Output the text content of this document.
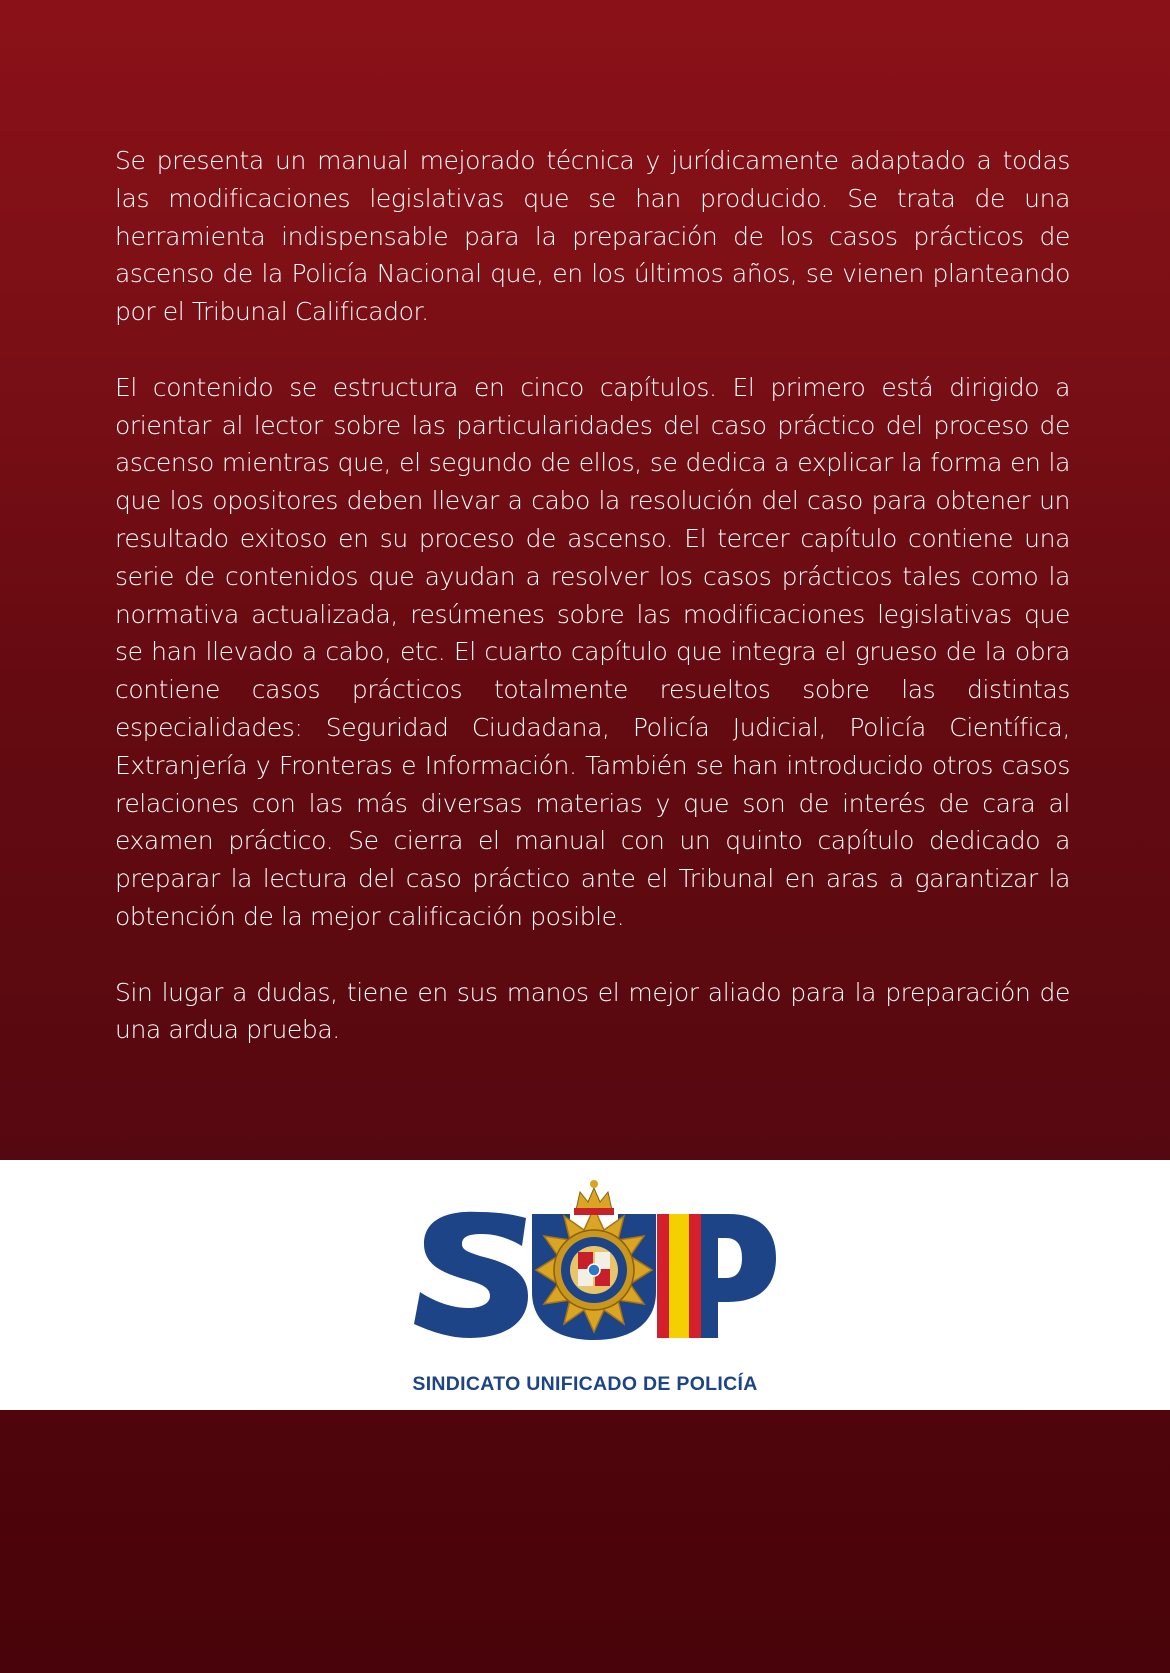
Se presenta un manual mejorado técnica y jurídicamente adaptado a todas las modificaciones legislativas que se han producido. Se trata de una herramienta indispensable para la preparación de los casos prácticos de ascenso de la Policía Nacional que, en los últimos años, se vienen planteando por el Tribunal Calificador.

El contenido se estructura en cinco capítulos. El primero está dirigido a orientar al lector sobre las particularidades del caso práctico del proceso de ascenso mientras que, el segundo de ellos, se dedica a explicar la forma en la que los opositores deben llevar a cabo la resolución del caso para obtener un resultado exitoso en su proceso de ascenso. El tercer capítulo contiene una serie de contenidos que ayudan a resolver los casos prácticos tales como la normativa actualizada, resúmenes sobre las modificaciones legislativas que se han llevado a cabo, etc. El cuarto capítulo que integra el grueso de la obra contiene casos prácticos totalmente resueltos sobre las distintas especialidades: Seguridad Ciudadana, Policía Judicial, Policía Científica, Extranjería y Fronteras e Información. También se han introducido otros casos relaciones con las más diversas materias y que son de interés de cara al examen práctico. Se cierra el manual con un quinto capítulo dedicado a preparar la lectura del caso práctico ante el Tribunal en aras a garantizar la obtención de la mejor calificación posible.

Sin lugar a dudas, tiene en sus manos el mejor aliado para la preparación de una ardua prueba.

SINDICATO UNIFICADO DE POLICÍA
